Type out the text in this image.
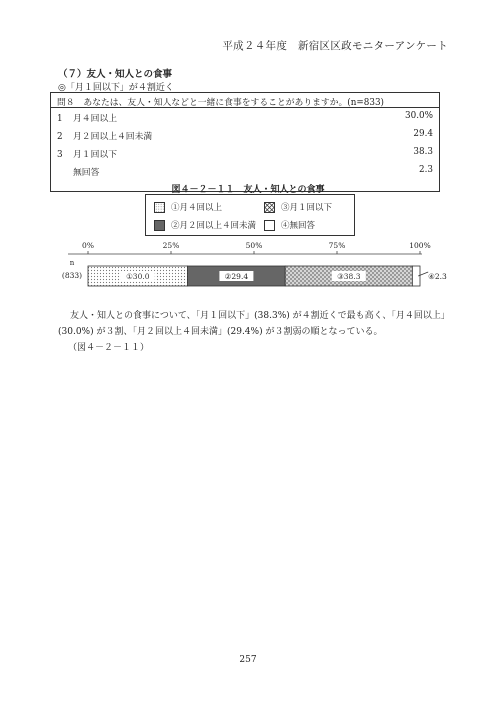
平成２４年度　新宿区区政モニターアンケート
（７）友人・知人との食事
◎「月１回以下」が４割近く
問８　あなたは、友人・知人などと一緒に食事をすることがありますか。(n=833)
1 月４回以上	30.0%
2 月２回以上４回未満	29.4
3 月１回以下	38.3
無回答	2.3
図４－２－１１　友人・知人との食事
①月４回以上	③月１回以下
②月２回以上４回未満	④無回答
0%	25%	50%	75%	100%
n
(833)	①30.0	②29.4	③38.3	④2.3
友人・知人との食事について、「月１回以下」(38.3%) が４割近くで最も高く、「月４回以上」
(30.0%) が３割、「月２回以上４回未満」(29.4%) が３割弱の順となっている。
（図４－２－１１）
257
